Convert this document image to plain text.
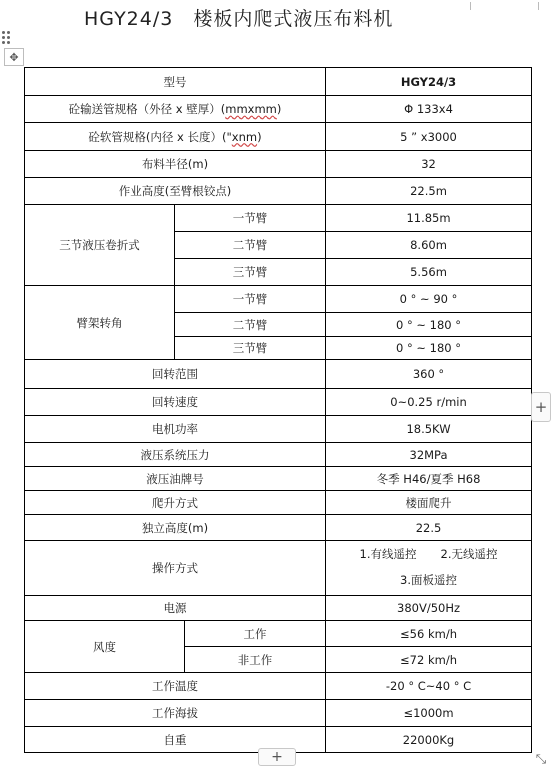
HGY24/3 楼板内爬式液压布料机
✥
型号			HGY24/3
砼输送管规格（外径 x 壁厚）(mmxmm)			Φ 133x4
砼软管规格(内径 x 长度）("xnm)			5 ” x3000
布料半径(m)			32
作业高度(至臂根铰点)			22.5m
三节液压卷折式	一节臂		11.85m
	二节臂		8.60m
	三节臂		5.56m
臂架转角	一节臂		0 ° ~ 90 °
	二节臂		0 ° ~ 180 °
	三节臂		0 ° ~ 180 °
回转范围			360 °
回转速度			0~0.25 r/min
电机功率			18.5KW
液压系统压力			32MPa
液压油牌号			冬季 H46/夏季 H68
爬升方式			楼面爬升
独立高度(m)			22.5
操作方式			1.有线遥控 2.无线遥控
3.面板遥控

电源			380V/50Hz
风度		工作	≤56 km/h
		非工作	≤72 km/h
工作温度			-20 ° C~40 ° C
工作海拔			≤1000m
自重			22000Kg
+
+	⤡
